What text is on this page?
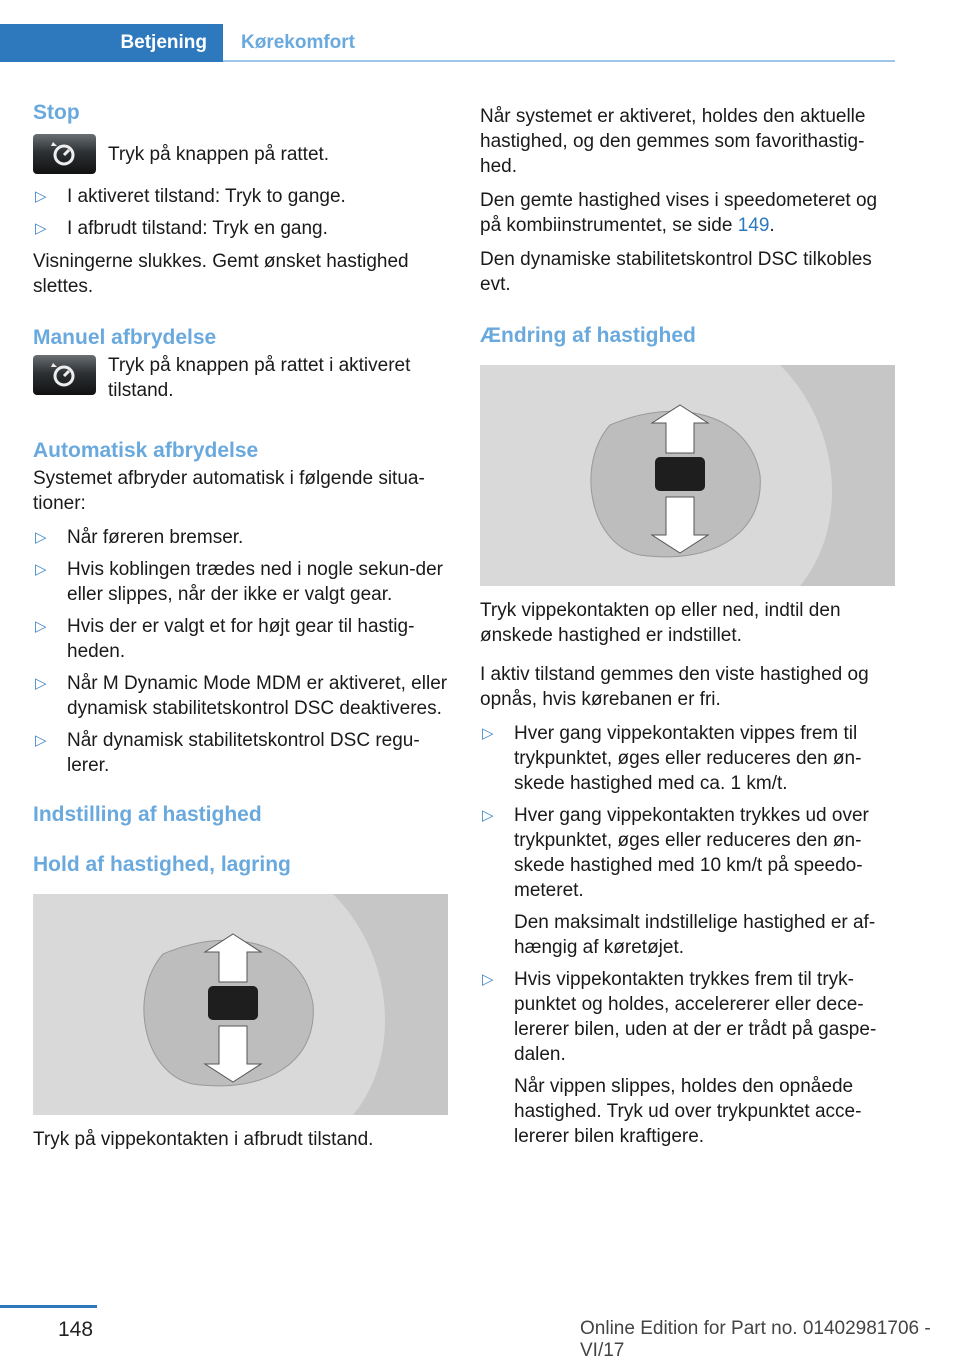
Betjening	Kørekomfort
Stop

Tryk på knappen på rattet.

▷ I aktiveret tilstand: Tryk to gange.
▷ I afbrudt tilstand: Tryk en gang.

Visningerne slukkes. Gemt ønsket hastighed slettes.

Manuel afbrydelse

Tryk på knappen på rattet i aktiveret tilstand.

Automatisk afbrydelse

Systemet afbryder automatisk i følgende situa‐tioner:

▷ Når føreren bremser.
▷ Hvis koblingen trædes ned i nogle sekun‐der eller slippes, når der ikke er valgt gear.
▷ Hvis der er valgt et for højt gear til hastig‐heden.
▷ Når M Dynamic Mode MDM er aktiveret, eller dynamisk stabilitetskontrol DSC deaktiveres.
▷ Når dynamisk stabilitetskontrol DSC regu‐lerer.
Indstilling af hastighed
Hold af hastighed, lagring

Tryk på vippekontakten i afbrudt tilstand.

Når systemet er aktiveret, holdes den aktuelle hastighed, og den gemmes som favorithastig‐hed.

Den gemte hastighed vises i speedometeret og på kombiinstrumentet, se side 149.

Den dynamiske stabilitetskontrol DSC tilkobles evt.

Ændring af hastighed

Tryk vippekontakten op eller ned, indtil den ønskede hastighed er indstillet.

I aktiv tilstand gemmes den viste hastighed og opnås, hvis kørebanen er fri.

▷ Hver gang vippekontakten vippes frem til trykpunktet, øges eller reduceres den øn‐skede hastighed med ca. 1 km/t.
▷ Hver gang vippekontakten trykkes ud over trykpunktet, øges eller reduceres den øn‐skede hastighed med 10 km/t på speedo‐meteret.
Den maksimalt indstillelige hastighed er af‐hængig af køretøjet.
▷ Hvis vippekontakten trykkes frem til tryk‐punktet og holdes, accelererer eller dece‐lererer bilen, uden at der er trådt på gaspe‐dalen.
Når vippen slippes, holdes den opnåede hastighed. Tryk ud over trykpunktet acce‐lererer bilen kraftigere.
148	Online Edition for Part no. 01402981706 - VI/17
